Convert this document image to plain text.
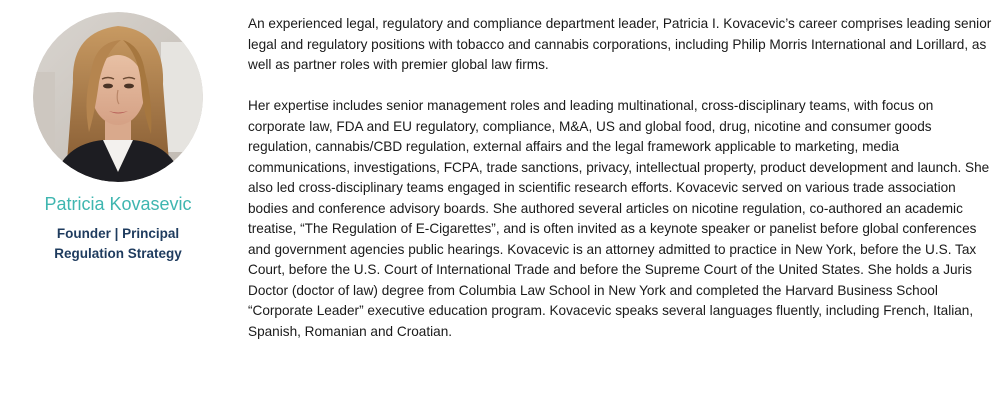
Patricia Kovasevic
Founder | Principal
Regulation Strategy

An experienced legal, regulatory and compliance department leader, Patricia I. Kovacevic’s career comprises leading senior legal and regulatory positions with tobacco and cannabis corporations, including Philip Morris International and Lorillard, as well as partner roles with premier global law firms.

Her expertise includes senior management roles and leading multinational, cross-disciplinary teams, with focus on corporate law, FDA and EU regulatory, compliance, M&A, US and global food, drug, nicotine and consumer goods regulation, cannabis/CBD regulation, external affairs and the legal framework applicable to marketing, media communications, investigations, FCPA, trade sanctions, privacy, intellectual property, product development and launch. She also led cross-disciplinary teams engaged in scientific research efforts. Kovacevic served on various trade association bodies and conference advisory boards. She authored several articles on nicotine regulation, co-authored an academic treatise, “The Regulation of E-Cigarettes”, and is often invited as a keynote speaker or panelist before global conferences and government agencies public hearings. Kovacevic is an attorney admitted to practice in New York, before the U.S. Tax Court, before the U.S. Court of International Trade and before the Supreme Court of the United States. She holds a Juris Doctor (doctor of law) degree from Columbia Law School in New York and completed the Harvard Business School “Corporate Leader” executive education program. Kovacevic speaks several languages fluently, including French, Italian, Spanish, Romanian and Croatian.
